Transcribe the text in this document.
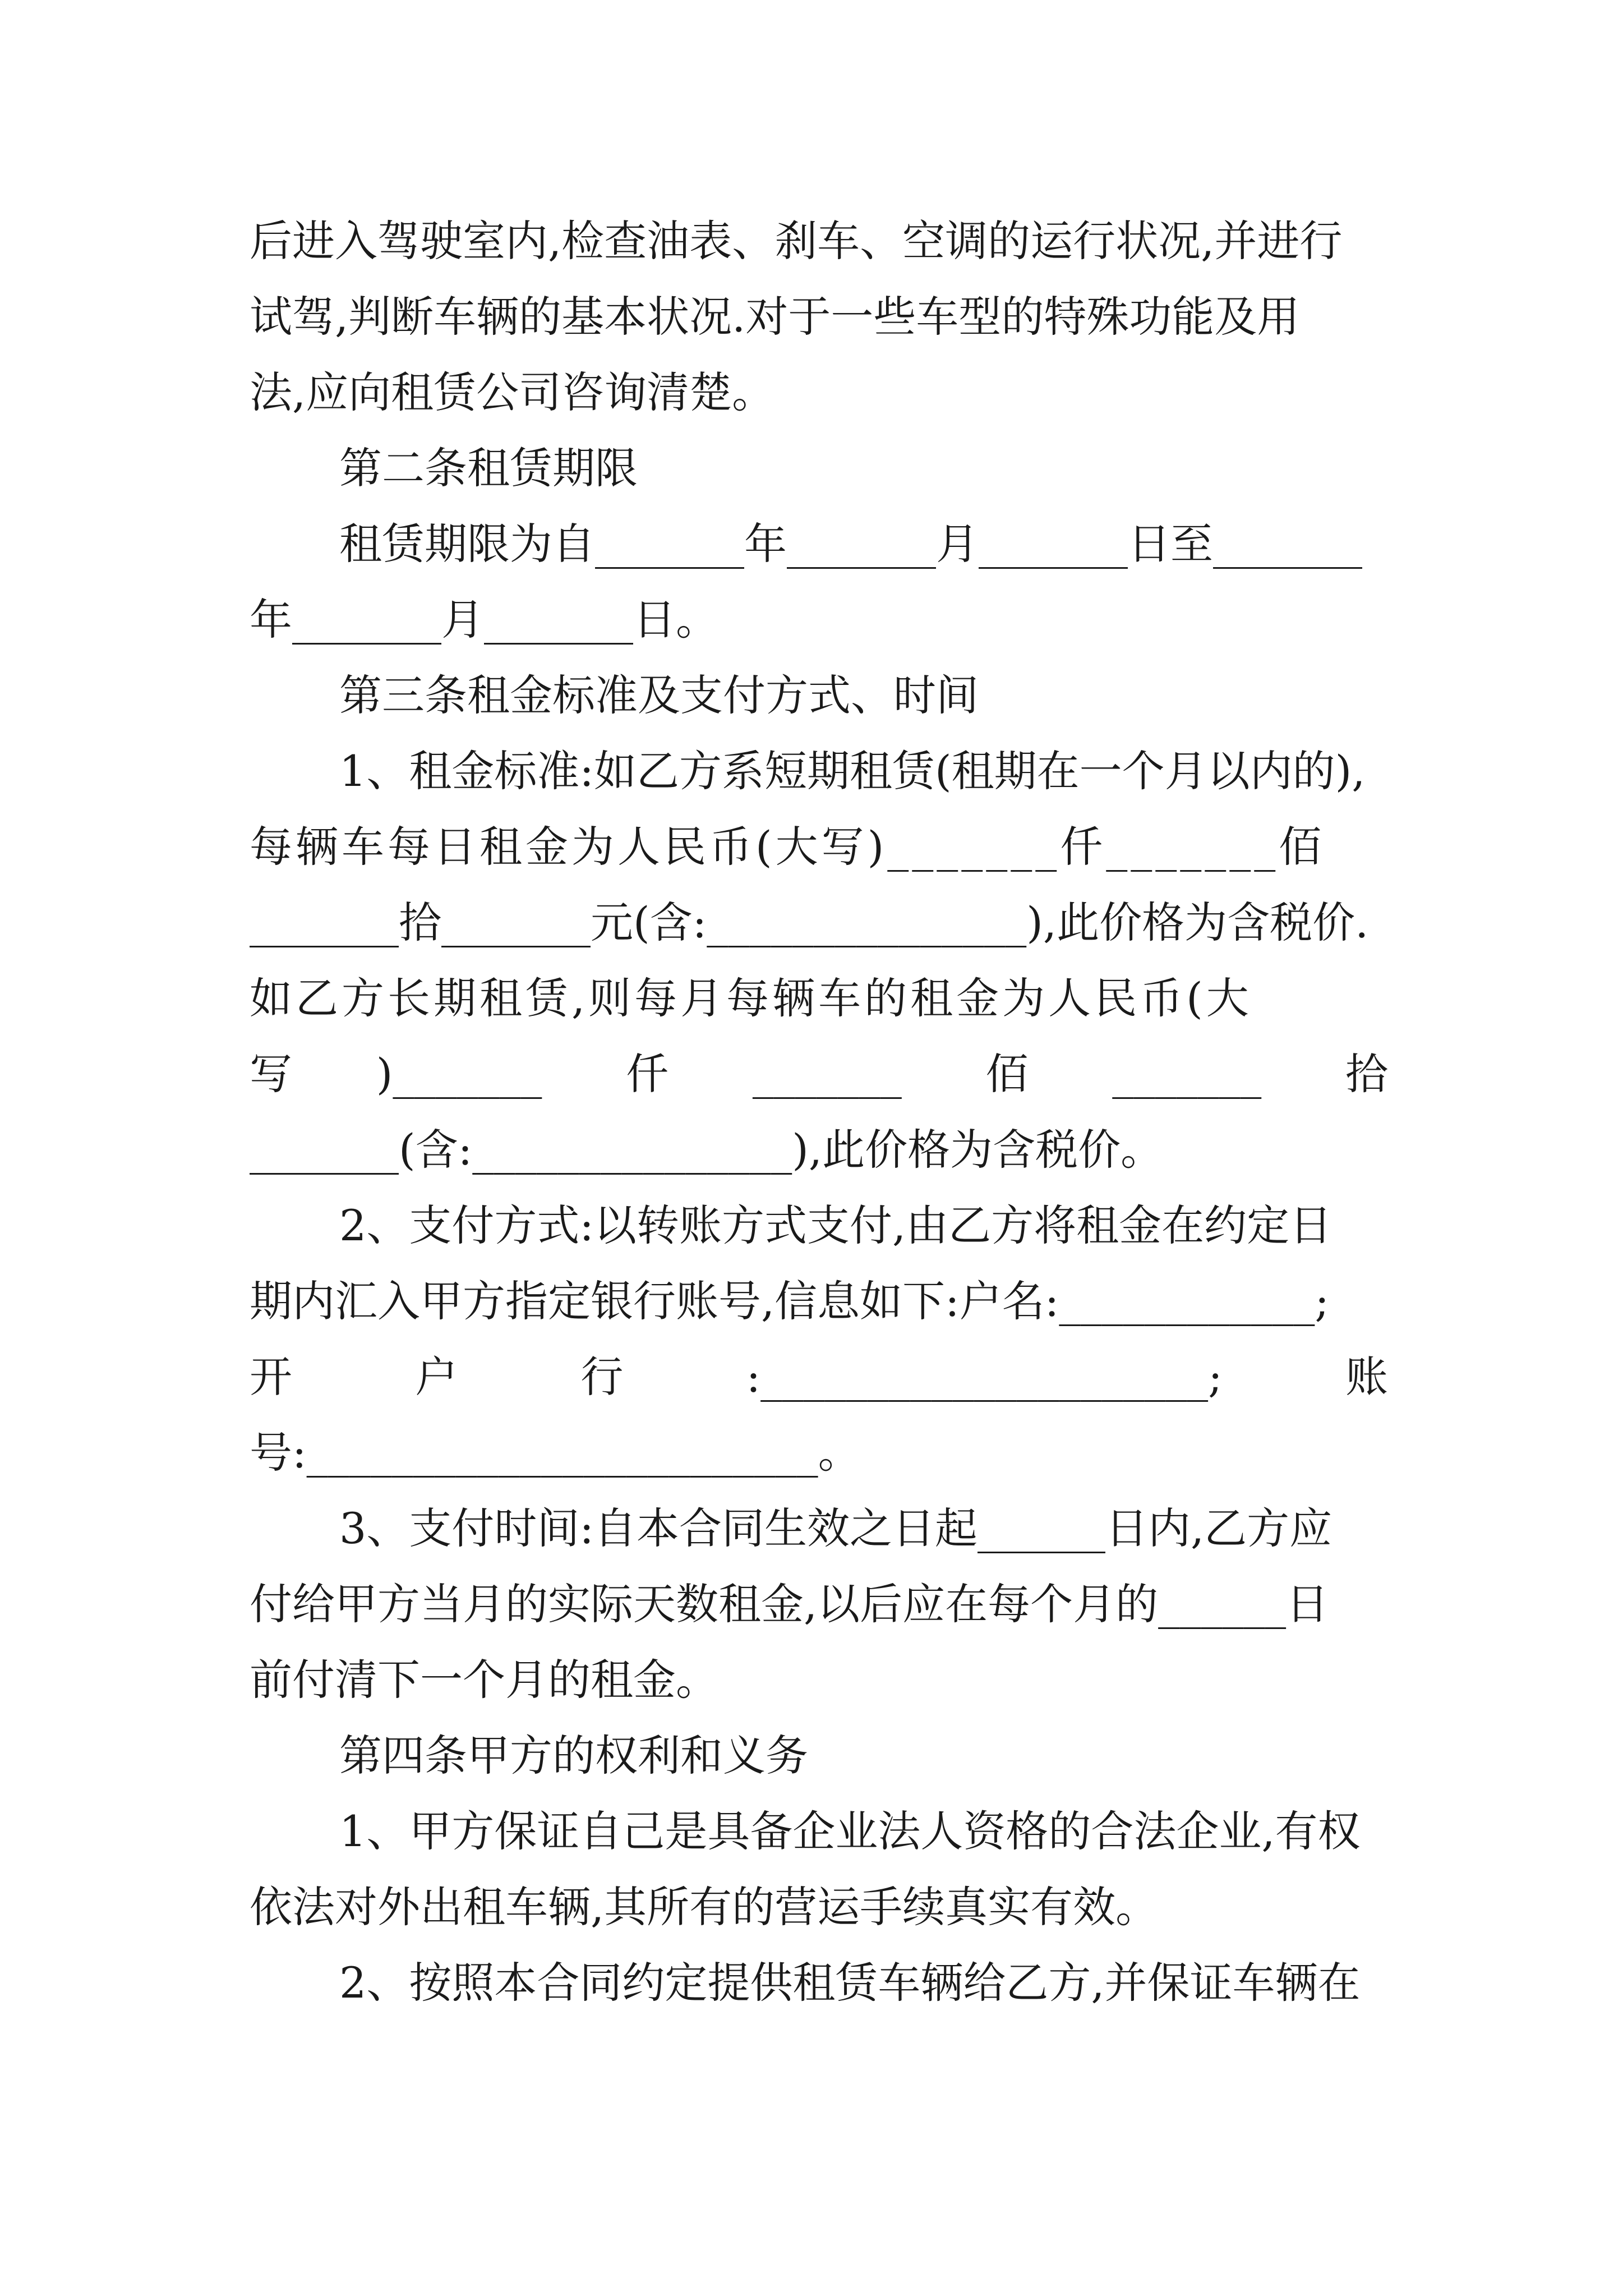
后进入驾驶室内,检查油表、刹车、空调的运行状况,并进行
试驾,判断车辆的基本状况.对于一些车型的特殊功能及用
法,应向租赁公司咨询清楚。
第二条租赁期限
租赁期限为自_______年_______月_______日至_______
年_______月_______日。
第三条租金标准及支付方式、时间
1、租金标准:如乙方系短期租赁(租期在一个月以内的),
每辆车每日租金为人民币(大写)_______仟_______佰
_______拾_______元(含:_______________),此价格为含税价.
如乙方长期租赁,则每月每辆车的租金为人民币(大
写 )_______ 仟 _______ 佰 _______ 拾
_______(含:_______________),此价格为含税价。
2、支付方式:以转账方式支付,由乙方将租金在约定日
期内汇入甲方指定银行账号,信息如下:户名:____________;
开	户	行	:_____________________;	账
号:________________________。
3、支付时间:自本合同生效之日起______日内,乙方应
付给甲方当月的实际天数租金,以后应在每个月的______日
前付清下一个月的租金。
第四条甲方的权利和义务
1、甲方保证自己是具备企业法人资格的合法企业,有权
依法对外出租车辆,其所有的营运手续真实有效。
2、按照本合同约定提供租赁车辆给乙方,并保证车辆在
